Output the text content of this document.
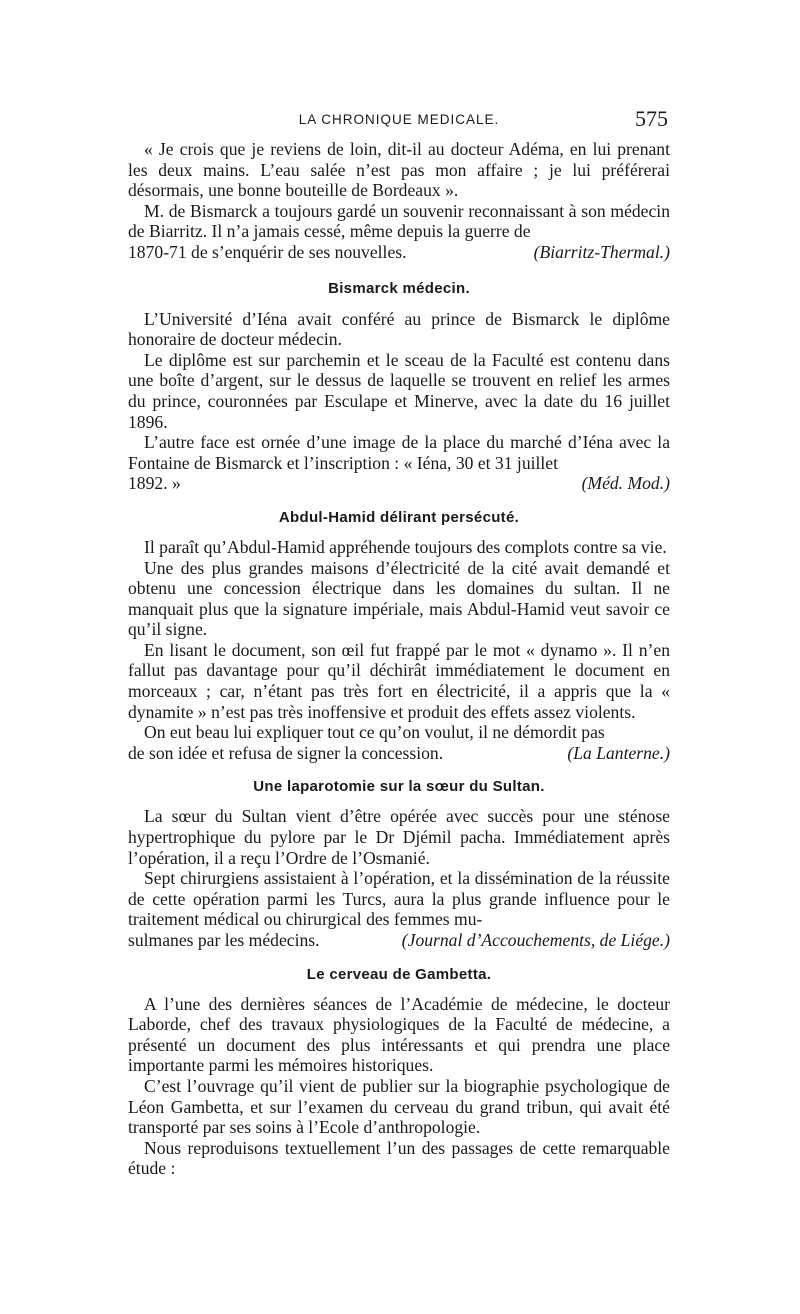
LA CHRONIQUE MEDICALE.	575

« Je crois que je reviens de loin, dit-il au docteur Adéma, en lui prenant les deux mains. L’eau salée n’est pas mon affaire ; je lui préférerai désormais, une bonne bouteille de Bordeaux ».

M. de Bismarck a toujours gardé un souvenir reconnaissant à son médecin de Biarritz. Il n’a jamais cessé, même depuis la guerre de

1870-71 de s’enquérir de ses nouvelles.	(Biarritz-Thermal.)
Bismarck médecin.

L’Université d’Iéna avait conféré au prince de Bismarck le diplôme honoraire de docteur médecin.

Le diplôme est sur parchemin et le sceau de la Faculté est contenu dans une boîte d’argent, sur le dessus de laquelle se trouvent en relief les armes du prince, couronnées par Esculape et Minerve, avec la date du 16 juillet 1896.

L’autre face est ornée d’une image de la place du marché d’Iéna avec la Fontaine de Bismarck et l’inscription : « Iéna, 30 et 31 juillet

1892. »	(Méd. Mod.)
Abdul-Hamid délirant persécuté.

Il paraît qu’Abdul-Hamid appréhende toujours des complots contre sa vie.

Une des plus grandes maisons d’électricité de la cité avait demandé et obtenu une concession électrique dans les domaines du sultan. Il ne manquait plus que la signature impériale, mais Abdul-Hamid veut savoir ce qu’il signe.

En lisant le document, son œil fut frappé par le mot « dynamo ». Il n’en fallut pas davantage pour qu’il déchirât immédiatement le document en morceaux ; car, n’étant pas très fort en électricité, il a appris que la « dynamite » n’est pas très inoffensive et produit des effets assez violents.

On eut beau lui expliquer tout ce qu’on voulut, il ne démordit pas

de son idée et refusa de signer la concession.	(La Lanterne.)
Une laparotomie sur la sœur du Sultan.

La sœur du Sultan vient d’être opérée avec succès pour une sténose hypertrophique du pylore par le Dr Djémil pacha. Immédiatement après l’opération, il a reçu l’Ordre de l’Osmanié.

Sept chirurgiens assistaient à l’opération, et la dissémination de la réussite de cette opération parmi les Turcs, aura la plus grande influence pour le traitement médical ou chirurgical des femmes mu-

sulmanes par les médecins.	(Journal d’Accouchements, de Liége.)
Le cerveau de Gambetta.

A l’une des dernières séances de l’Académie de médecine, le docteur Laborde, chef des travaux physiologiques de la Faculté de médecine, a présenté un document des plus intéressants et qui prendra une place importante parmi les mémoires historiques.

C’est l’ouvrage qu’il vient de publier sur la biographie psychologique de Léon Gambetta, et sur l’examen du cerveau du grand tribun, qui avait été transporté par ses soins à l’Ecole d’anthropologie.

Nous reproduisons textuellement l’un des passages de cette remarquable étude :
